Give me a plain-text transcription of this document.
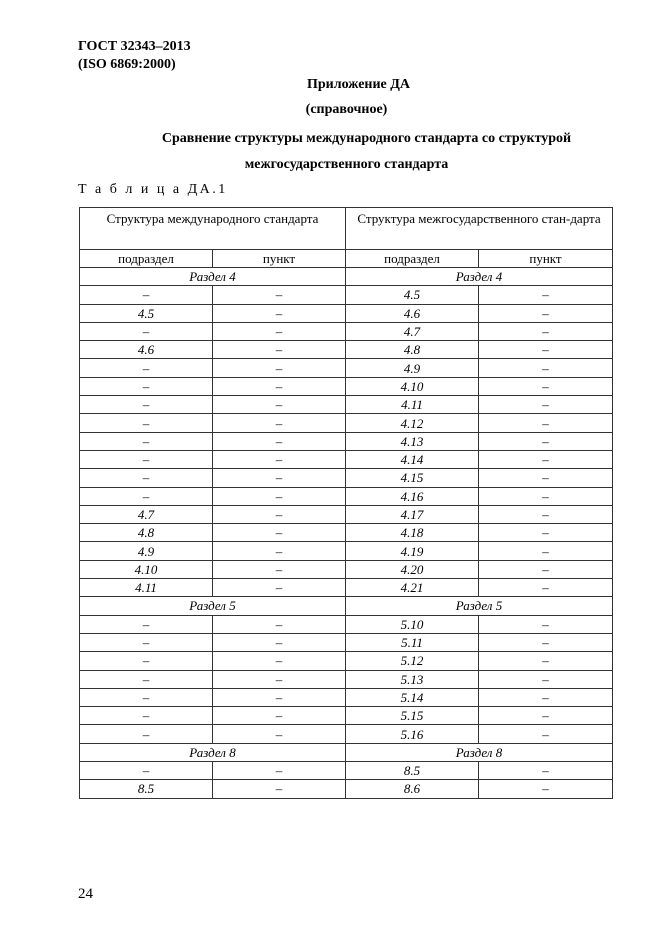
ГОСТ 32343–2013
(ISO 6869:2000)
Приложение ДА
(справочное)
Сравнение структуры международного стандарта со структурой
межгосударственного стандарта
Т а б л и ц а ДА.1
Структура международного стандарта		Структура межгосударственного стан-дарта	
подраздел	пункт	подраздел	пункт
Раздел 4		Раздел 4	
–	–	4.5	–
4.5	–	4.6	–
–	–	4.7	–
4.6	–	4.8	–
–	–	4.9	–
–	–	4.10	–
–	–	4.11	–
–	–	4.12	–
–	–	4.13	–
–	–	4.14	–
–	–	4.15	–
–	–	4.16	–
4.7	–	4.17	–
4.8	–	4.18	–
4.9	–	4.19	–
4.10	–	4.20	–
4.11	–	4.21	–
Раздел 5		Раздел 5	
–	–	5.10	–
–	–	5.11	–
–	–	5.12	–
–	–	5.13	–
–	–	5.14	–
–	–	5.15	–
–	–	5.16	–
Раздел 8		Раздел 8	
–	–	8.5	–
8.5	–	8.6	–
24
